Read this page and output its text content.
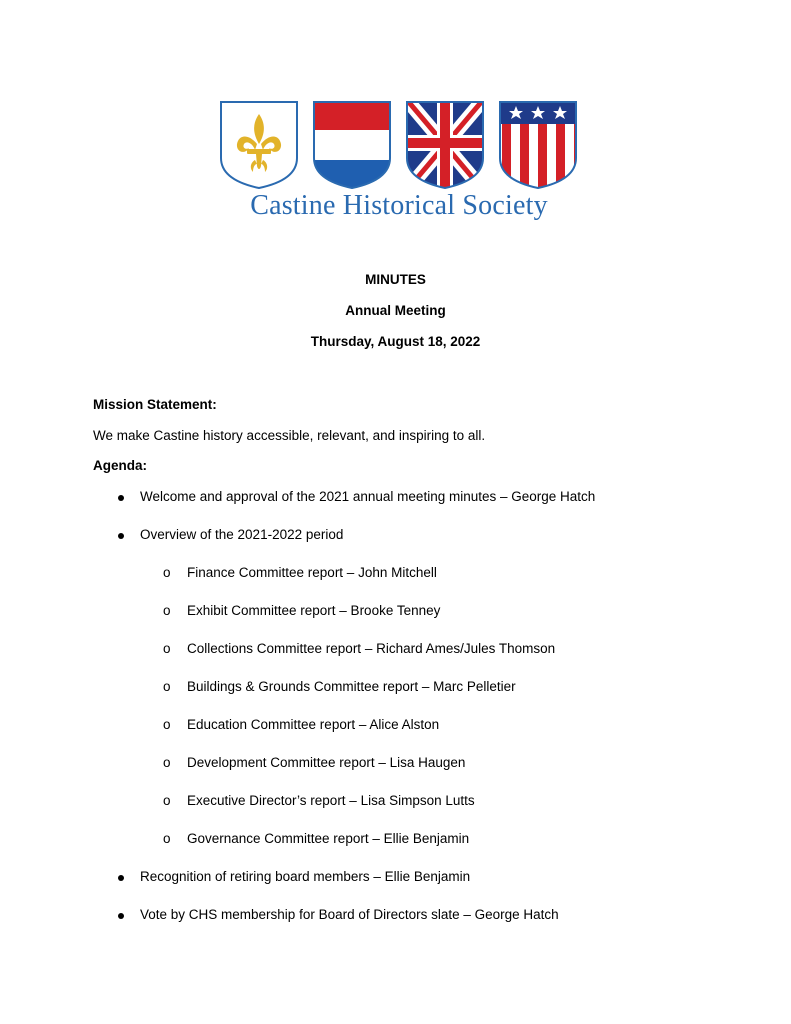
Castine Historical Society
MINUTES
Annual Meeting
Thursday, August 18, 2022
Mission Statement:
We make Castine history accessible, relevant, and inspiring to all.
Agenda:
Welcome and approval of the 2021 annual meeting minutes – George Hatch
Overview of the 2021-2022 period
o Finance Committee report – John Mitchell
o Exhibit Committee report – Brooke Tenney
o Collections Committee report – Richard Ames/Jules Thomson
o Buildings & Grounds Committee report – Marc Pelletier
o Education Committee report – Alice Alston
o Development Committee report – Lisa Haugen
o Executive Director’s report – Lisa Simpson Lutts
o Governance Committee report – Ellie Benjamin
Recognition of retiring board members – Ellie Benjamin
Vote by CHS membership for Board of Directors slate – George Hatch
